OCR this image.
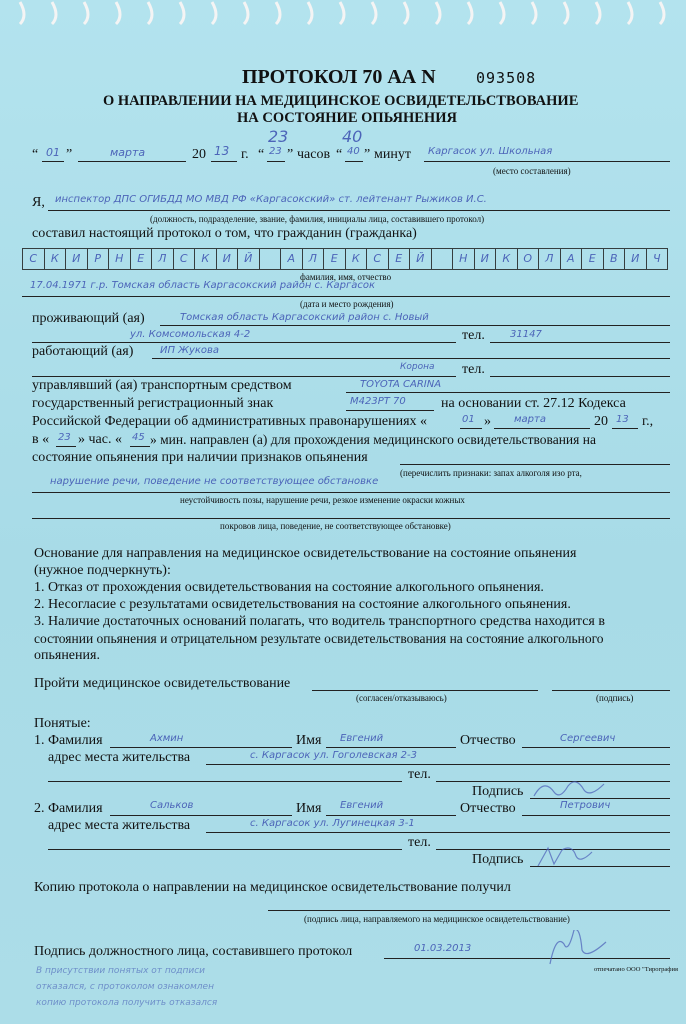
ПРОТОКОЛ 70 АА N	093508
О НАПРАВЛЕНИИ НА МЕДИЦИНСКОЕ ОСВИДЕТЕЛЬСТВОВАНИЕ
НА СОСТОЯНИЕ ОПЬЯНЕНИЯ
23	40
“ 01 ”	марта	20 13 г. “ 23 ” часов “ 40 ” минут Каргасок ул. Школьная
(место составления)
Я, инспектор ДПС ОГИБДД МО МВД РФ «Каргасокский» ст. лейтенант Рыжиков И.С.
(должность, подразделение, звание, фамилия, инициалы лица, составившего протокол)
составил настоящий протокол о том, что гражданин (гражданка)
С	К	И	Р	Н	Е	Л	С	К	И	Й	А	Л	Е	К	С	Е	Й	Н	И	К	О	Л	А	Е	В	И	Ч
фамилия, имя, отчество
17.04.1971 г.р. Томская область Каргасокский район с. Каргасок
(дата и место рождения)
проживающий (ая)	Томская область Каргасокский район с. Новый
ул. Комсомольская 4-2	тел.	31147
работающий (ая)	ИП Жукова
тел.
Корона
управлявший (ая) транспортным средством	TOYOTA CARINA
государственный регистрационный знак	М423РТ 70	на основании ст. 27.12 Кодекса
Российской Федерации об административных правонарушениях «	01 » марта	20 13 г.,
в « 23 » час. « 45 » мин. направлен (а) для прохождения медицинского освидетельствования на
состояние опьянения при наличии признаков опьянения
(перечислить признаки: запах алкоголя изо рта,
нарушение речи, поведение не соответствующее обстановке
неустойчивость позы, нарушение речи, резкое изменение окраски кожных
покровов лица, поведение, не соответствующее обстановке)
Основание для направления на медицинское освидетельствование на состояние опьянения
(нужное подчеркнуть):
1. Отказ от прохождения освидетельствования на состояние алкогольного опьянения.
2. Несогласие с результатами освидетельствования на состояние алкогольного опьянения.
3. Наличие достаточных оснований полагать, что водитель транспортного средства находится в
состоянии опьянения и отрицательном результате освидетельствования на состояние алкогольного
опьянения.
Пройти медицинское освидетельствование
(согласен/отказываюсь)	(подпись)
Понятые:
1. Фамилия	Ахмин	Имя Евгений	Отчество	Сергеевич
адрес места жительства	с. Каргасок ул. Гоголевская 2-3
тел.
Подпись
2. Фамилия	Сальков	Имя Евгений	Отчество	Петрович
адрес места жительства	с. Каргасок ул. Лугинецкая 3-1
тел.
Подпись
Копию протокола о направлении на медицинское освидетельствование получил
(подпись лица, направляемого на медицинское освидетельствование)
Подпись должностного лица, составившего протокол	01.03.2013
отпечатано ООО "Тирография
В присутствии понятых от подписи
отказался, с протоколом ознакомлен
копию протокола получить отказался
